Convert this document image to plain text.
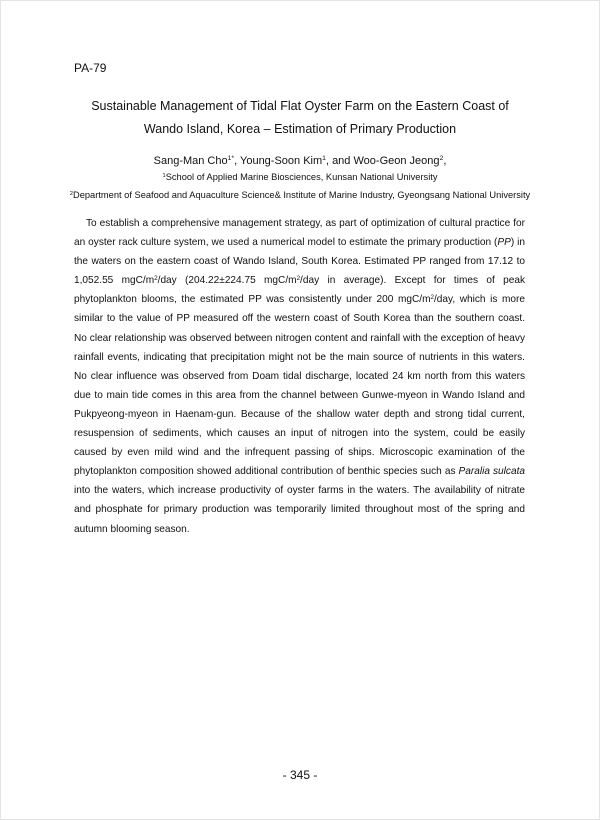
PA-79
Sustainable Management of Tidal Flat Oyster Farm on the Eastern Coast of
Wando Island, Korea – Estimation of Primary Production
Sang-Man Cho$^{1*}$, Young-Soon Kim$^1$, and Woo-Geon Jeong$^2$,
$^1$School of Applied Marine Biosciences, Kunsan National University
$^2$Department of Seafood and Aquaculture Science& Institute of Marine Industry, Gyeongsang National University

To establish a comprehensive management strategy, as part of optimization of cultural practice for an oyster rack culture system, we used a numerical model to estimate the primary production (PP) in the waters on the eastern coast of Wando Island, South Korea. Estimated PP ranged from 17.12 to 1,052.55 mgC/$m^2$/day (204.22±224.75 mgC/$m^2$/day in average). Except for times of peak phytoplankton blooms, the estimated PP was consistently under 200 mgC/$m^2$/day, which is more similar to the value of PP measured off the western coast of South Korea than the southern coast. No clear relationship was observed between nitrogen content and rainfall with the exception of heavy rainfall events, indicating that precipitation might not be the main source of nutrients in this waters. No clear influence was observed from Doam tidal discharge, located 24 km north from this waters due to main tide comes in this area from the channel between Gunwe-myeon in Wando Island and Pukpyeong-myeon in Haenam-gun. Because of the shallow water depth and strong tidal current, resuspension of sediments, which causes an input of nitrogen into the system, could be easily caused by even mild wind and the infrequent passing of ships. Microscopic examination of the phytoplankton composition showed additional contribution of benthic species such as Paralia sulcata into the waters, which increase productivity of oyster farms in the waters. The availability of nitrate and phosphate for primary production was temporarily limited throughout most of the spring and autumn blooming season.

- 345 -
